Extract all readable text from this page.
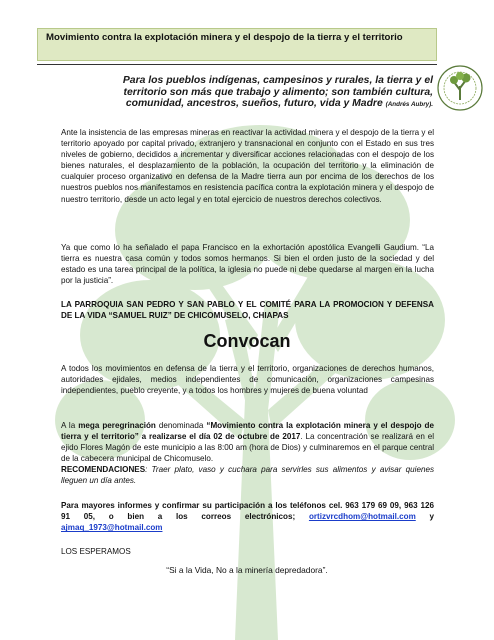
Movimiento contra la explotación minera y el despojo de la tierra y el territorio
Para los pueblos indígenas, campesinos y rurales, la tierra y el territorio son más que trabajo y alimento; son también cultura, comunidad, ancestros, sueños, futuro, vida y Madre (Andrés Aubry).
Ante la insistencia de las empresas mineras en reactivar la actividad minera y el despojo de la tierra y el territorio apoyado por capital privado, extranjero y transnacional en conjunto con el Estado en sus tres niveles de gobierno, decididos a incrementar y diversificar acciones relacionadas con el despojo de los bienes naturales, el desplazamiento de la población, la ocupación del territorio y la eliminación de cualquier proceso organizativo en defensa de la Madre tierra aun por encima de los derechos de los nuestros pueblos nos manifestamos en resistencia pacífica contra la explotación minera y el despojo de nuestro territorio, desde un acto legal y en total ejercicio de nuestros derechos colectivos.
Ya que como lo ha señalado el papa Francisco en la exhortación apostólica Evangelli Gaudium. “La tierra es nuestra casa común y todos somos hermanos. Si bien el orden justo de la sociedad y del estado es una tarea principal de la política, la iglesia no puede ni debe quedarse al margen en la lucha por la justicia”.
LA PARROQUIA SAN PEDRO Y SAN PABLO Y EL COMITÉ PARA LA PROMOCION Y DEFENSA DE LA VIDA “SAMUEL RUIZ” DE CHICOMUSELO, CHIAPAS
Convocan
A todos los movimientos en defensa de la tierra y el territorio, organizaciones de derechos humanos, autoridades ejidales, medios independientes de comunicación, organizaciones campesinas independientes, pueblo creyente, y a todos los hombres y mujeres de buena voluntad
A la mega peregrinación denominada “Movimiento contra la explotación minera y el despojo de tierra y el territorio” a realizarse el día 02 de octubre de 2017. La concentración se realizará en el ejido Flores Magón de este municipio a las 8:00 am (hora de Dios) y culminaremos en el parque central de la cabecera municipal de Chicomuselo.
RECOMENDACIONES: Traer plato, vaso y cuchara para servirles sus alimentos y avisar quienes lleguen un día antes.
Para mayores informes y confirmar su participación a los teléfonos cel. 963 179 69 09, 963 126 91 05, o bien a los correos electrónicos; ortizvrcdhom@hotmail.com y ajmaq_1973@hotmail.com
LOS ESPERAMOS
“Si a la Vida, No a la minería depredadora”.
